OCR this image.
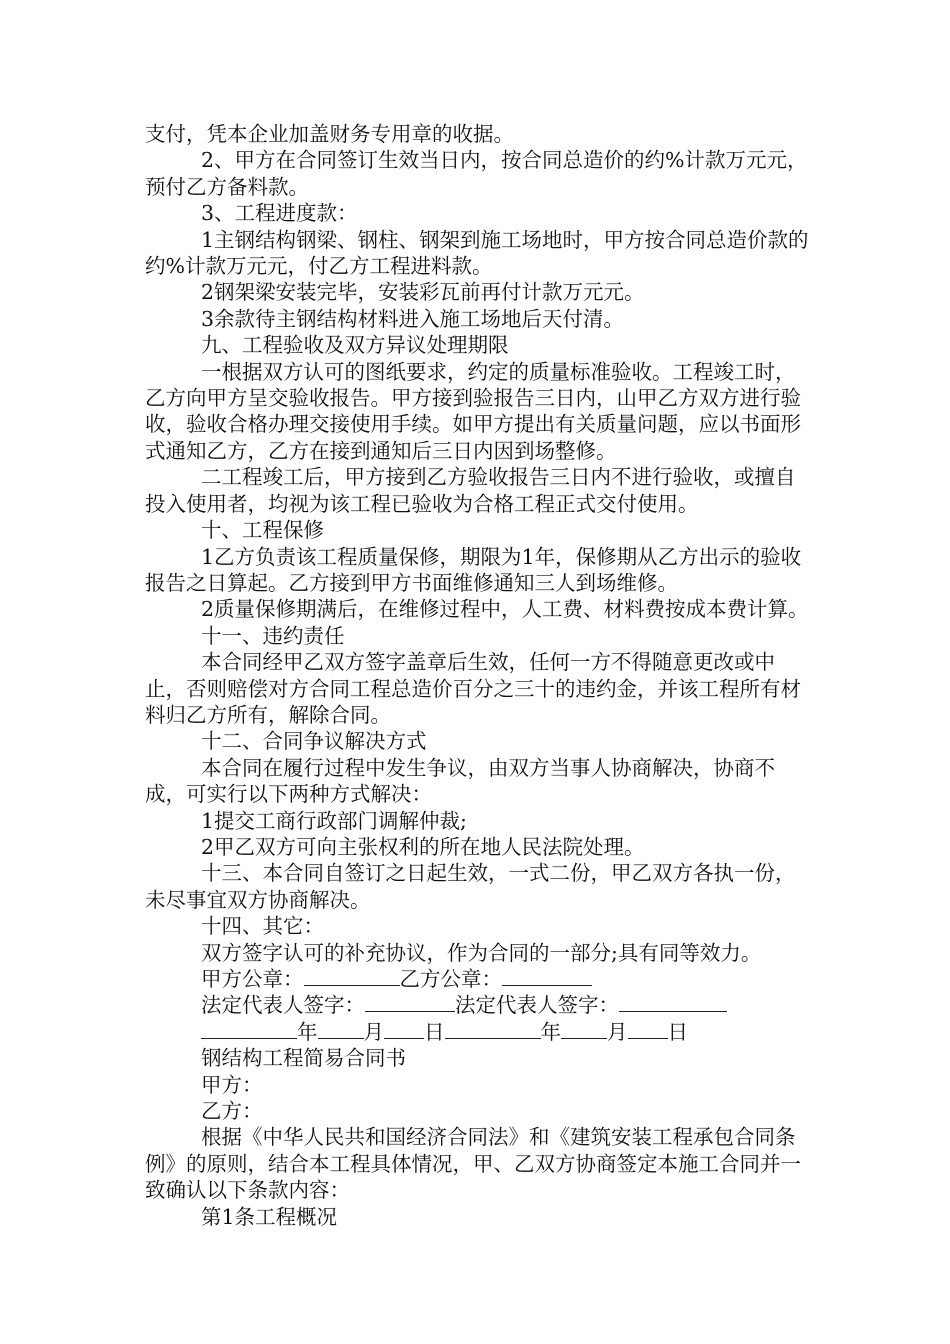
支付，凭本企业加盖财务专用章的收据。
2、甲方在合同签订生效当日内，按合同总造价的约%计款万元元，预付乙方备料款。
3、工程进度款：
1主钢结构钢梁、钢柱、钢架到施工场地时，甲方按合同总造价款的约%计款万元元，付乙方工程进料款。
2钢架梁安装完毕，安装彩瓦前再付计款万元元。
3余款待主钢结构材料进入施工场地后天付清。
九、工程验收及双方异议处理期限
一根据双方认可的图纸要求，约定的质量标准验收。工程竣工时，乙方向甲方呈交验收报告。甲方接到验报告三日内，山甲乙方双方进行验收，验收合格办理交接使用手续。如甲方提出有关质量问题，应以书面形式通知乙方，乙方在接到通知后三日内因到场整修。
二工程竣工后，甲方接到乙方验收报告三日内不进行验收，或擅自投入使用者，均视为该工程已验收为合格工程正式交付使用。
十、工程保修
1乙方负责该工程质量保修，期限为1年，保修期从乙方出示的验收报告之日算起。乙方接到甲方书面维修通知三人到场维修。
2质量保修期满后，在维修过程中，人工费、材料费按成本费计算。
十一、违约责任
本合同经甲乙双方签字盖章后生效，任何一方不得随意更改或中止，否则赔偿对方合同工程总造价百分之三十的违约金，并该工程所有材料归乙方所有，解除合同。
十二、合同争议解决方式
本合同在履行过程中发生争议，由双方当事人协商解决，协商不成，可实行以下两种方式解决：
1提交工商行政部门调解仲裁;
2甲乙双方可向主张权利的所在地人民法院处理。
十三、本合同自签订之日起生效，一式二份，甲乙双方各执一份，未尽事宜双方协商解决。
十四、其它：
双方签字认可的补充协议，作为合同的一部分;具有同等效力。
甲方公章：	乙方公章：
法定代表人签字：	法定代表人签字：
年 月 日	年 月 日
钢结构工程简易合同书
甲方：
乙方：
根据《中华人民共和国经济合同法》和《建筑安装工程承包合同条例》的原则，结合本工程具体情况，甲、乙双方协商签定本施工合同并一致确认以下条款内容：
第1条工程概况
